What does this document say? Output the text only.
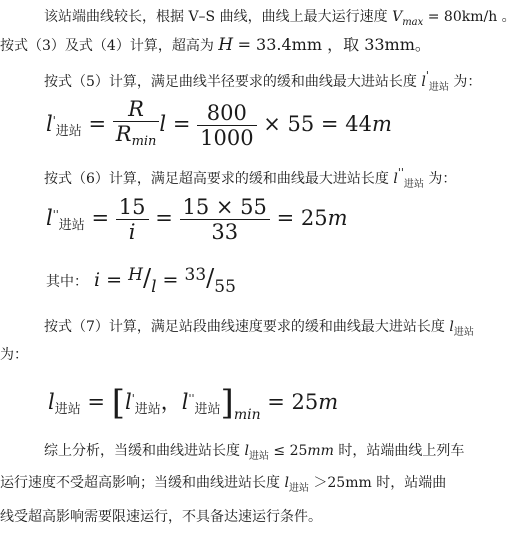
该站端曲线较长，根据 V–S 曲线，曲线上最大运行速度 $V_{max} = 80km/h$ 。
按式（3）及式（4）计算，超高为 H = 33.4mm ，取 33mm。
按式（5）计算，满足曲线半径要求的缓和曲线最大进站长度 $l'_{进站}$ 为：
$l'_{进站} = \frac{R}{R_{min}}$ $l = \frac{800}{1000} \times 55 = 44m$
按式（6）计算，满足超高要求的缓和曲线最大进站长度 $l''_{进站}$ 为：
$l''_{进站} = \frac{15}{i} = \frac{15 \times 55}{33} = 25m$
其中： i = H/l = 33/55
按式（7）计算，满足站段曲线速度要求的缓和曲线最大进站长度 $l_{进站}$
为：
$l_{进站} = [l'_{进站}$，$l''_{进站}]_{min} = 25m$
综上分析，当缓和曲线进站长度 $l_{进站} \le 25mm$ 时，站端曲线上列车
运行速度不受超高影响；当缓和曲线进站长度 $l_{进站} >25mm$ 时，站端曲
线受超高影响需要限速运行，不具备达速运行条件。
